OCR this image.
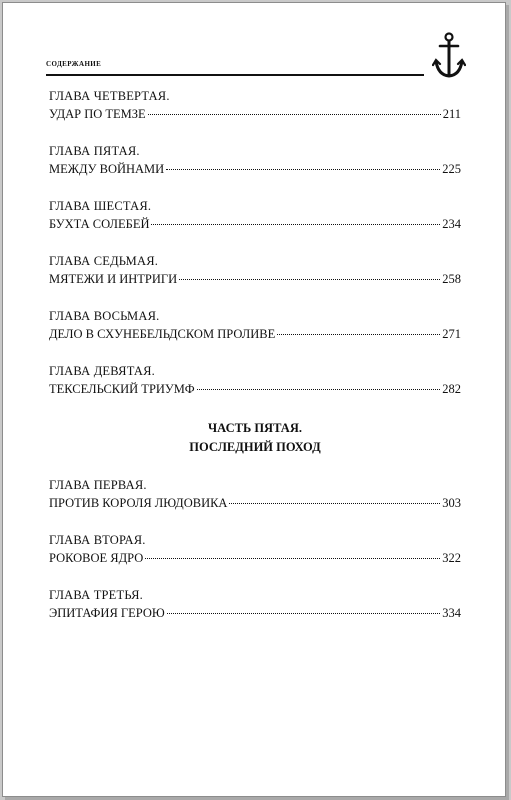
содержание
ГЛАВА ЧЕТВЕРТАЯ.
УДАР ПО ТЕМЗЕ	211
ГЛАВА ПЯТАЯ.
МЕЖДУ ВОЙНАМИ	225
ГЛАВА ШЕСТАЯ.
БУХТА СОЛЕБЕЙ	234
ГЛАВА СЕДЬМАЯ.
МЯТЕЖИ И ИНТРИГИ	258
ГЛАВА ВОСЬМАЯ.
ДЕЛО В СХУНЕБЕЛЬДСКОМ ПРОЛИВЕ	271
ГЛАВА ДЕВЯТАЯ.
ТЕКСЕЛЬСКИЙ ТРИУМФ	282
ЧАСТЬ ПЯТАЯ.
ПОСЛЕДНИЙ ПОХОД
ГЛАВА ПЕРВАЯ.
ПРОТИВ КОРОЛЯ ЛЮДОВИКА	303
ГЛАВА ВТОРАЯ.
РОКОВОЕ ЯДРО	322
ГЛАВА ТРЕТЬЯ.
ЭПИТАФИЯ ГЕРОЮ	334
